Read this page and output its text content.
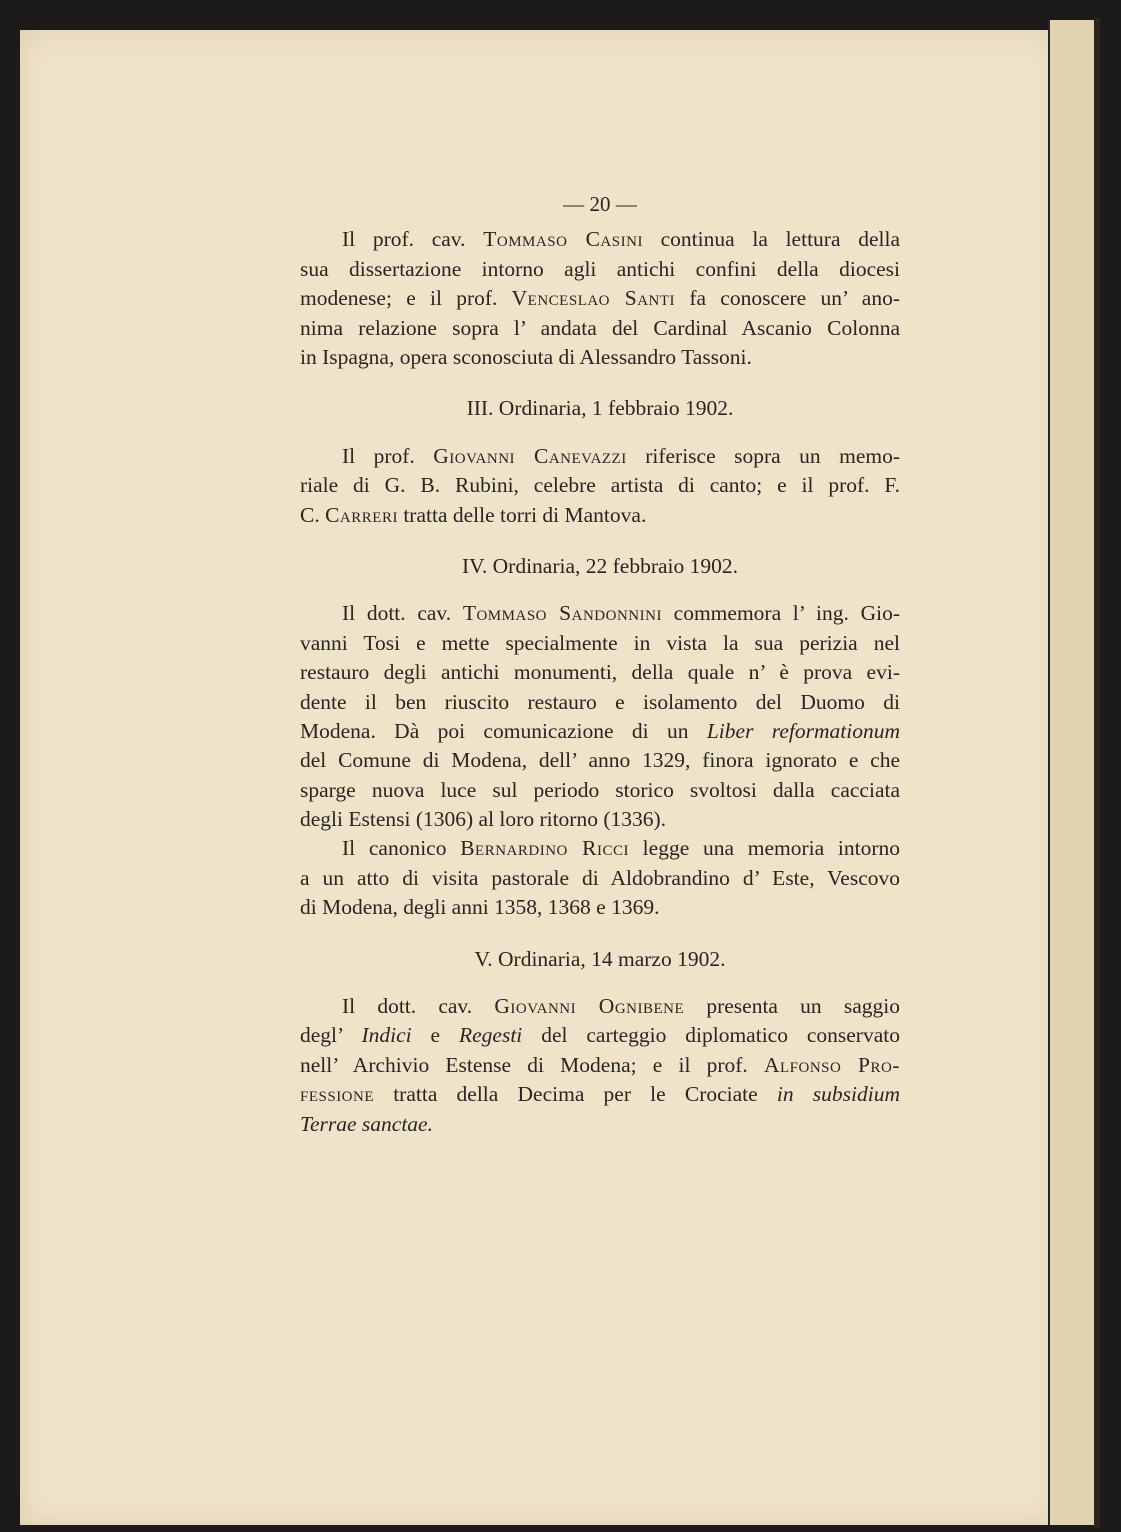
— 20 —
Il prof. cav. Tommaso Casini continua la lettura della
sua dissertazione intorno agli antichi confini della diocesi
modenese; e il prof. Venceslao Santi fa conoscere un’ ano-
nima relazione sopra l’ andata del Cardinal Ascanio Colonna
in Ispagna, opera sconosciuta di Alessandro Tassoni.
III. Ordinaria, 1 febbraio 1902.
Il prof. Giovanni Canevazzi riferisce sopra un memo-
riale di G. B. Rubini, celebre artista di canto; e il prof. F.
C. Carreri tratta delle torri di Mantova.
IV. Ordinaria, 22 febbraio 1902.
Il dott. cav. Tommaso Sandonnini commemora l’ ing. Gio-
vanni Tosi e mette specialmente in vista la sua perizia nel
restauro degli antichi monumenti, della quale n’ è prova evi-
dente il ben riuscito restauro e isolamento del Duomo di
Modena. Dà poi comunicazione di un Liber reformationum
del Comune di Modena, dell’ anno 1329, finora ignorato e che
sparge nuova luce sul periodo storico svoltosi dalla cacciata
degli Estensi (1306) al loro ritorno (1336).
Il canonico Bernardino Ricci legge una memoria intorno
a un atto di visita pastorale di Aldobrandino d’ Este, Vescovo
di Modena, degli anni 1358, 1368 e 1369.
V. Ordinaria, 14 marzo 1902.
Il dott. cav. Giovanni Ognibene presenta un saggio
degl’ Indici e Regesti del carteggio diplomatico conservato
nell’ Archivio Estense di Modena; e il prof. Alfonso Pro-
fessione tratta della Decima per le Crociate in subsidium
Terrae sanctae.
